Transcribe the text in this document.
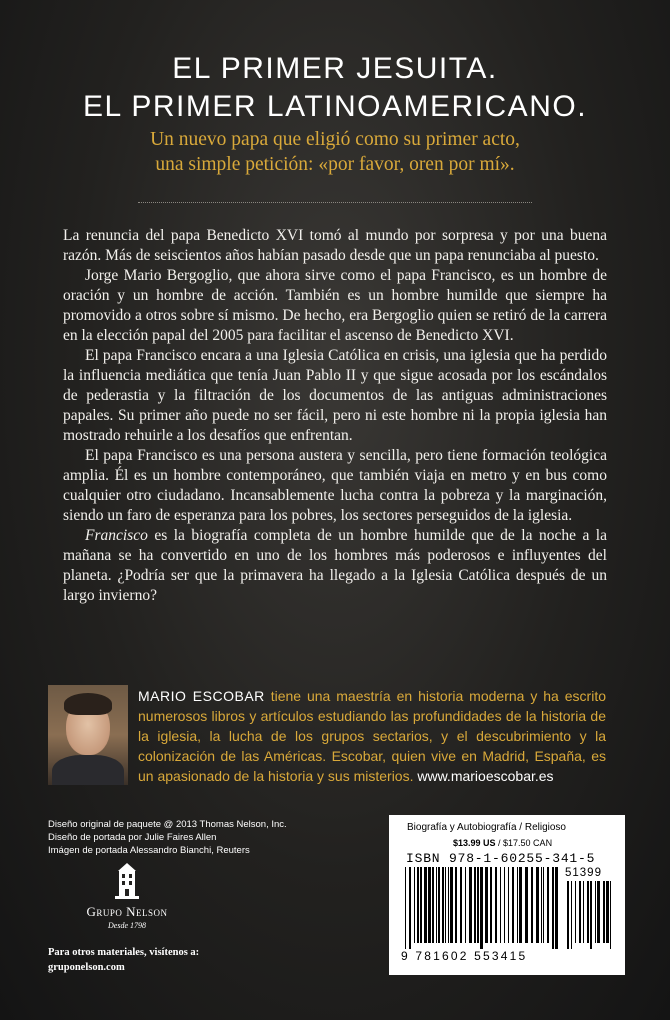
EL PRIMER JESUITA.
EL PRIMER LATINOAMERICANO.
Un nuevo papa que eligió como su primer acto,
una simple petición: «por favor, oren por mí».

La renuncia del papa Benedicto XVI tomó al mundo por sorpresa y por una buena razón. Más de seiscientos años habían pasado desde que un papa renunciaba al puesto.

Jorge Mario Bergoglio, que ahora sirve como el papa Francisco, es un hombre de oración y un hombre de acción. También es un hombre humilde que siempre ha promovido a otros sobre sí mismo. De hecho, era Bergoglio quien se retiró de la carrera en la elección papal del 2005 para facilitar el ascenso de Benedicto XVI.

El papa Francisco encara a una Iglesia Católica en crisis, una iglesia que ha perdido la influencia mediática que tenía Juan Pablo II y que sigue acosada por los escándalos de pederastia y la filtración de los documentos de las antiguas administraciones papales. Su primer año puede no ser fácil, pero ni este hombre ni la propia iglesia han mostrado rehuirle a los desafíos que enfrentan.

El papa Francisco es una persona austera y sencilla, pero tiene formación teológica amplia. Él es un hombre contemporáneo, que también viaja en metro y en bus como cualquier otro ciudadano. Incansablemente lucha contra la pobreza y la marginación, siendo un faro de esperanza para los pobres, los sectores perseguidos de la iglesia.

Francisco es la biografía completa de un hombre humilde que de la noche a la mañana se ha convertido en uno de los hombres más poderosos e influyentes del planeta. ¿Podría ser que la primavera ha llegado a la Iglesia Católica después de un largo invierno?

MARIO ESCOBAR tiene una maestría en historia moderna y ha escrito numerosos libros y artículos estudiando las profundidades de la historia de la iglesia, la lucha de los grupos sectarios, y el descubrimiento y la colonización de las Américas. Escobar, quien vive en Madrid, España, es un apasionado de la historia y sus misterios. www.marioescobar.es
Diseño original de paquete @ 2013 Thomas Nelson, Inc.
Diseño de portada por Julie Faires Allen
Imágen de portada Alessandro Bianchi, Reuters
Grupo Nelson
Desde 1798
Para otros materiales, visítenos a:
gruponelson.com
Biografía y Autobiografía / Religioso
$13.99 US / $17.50 CAN
ISBN 978-1-60255-341-5
9 781602 553415
51399
